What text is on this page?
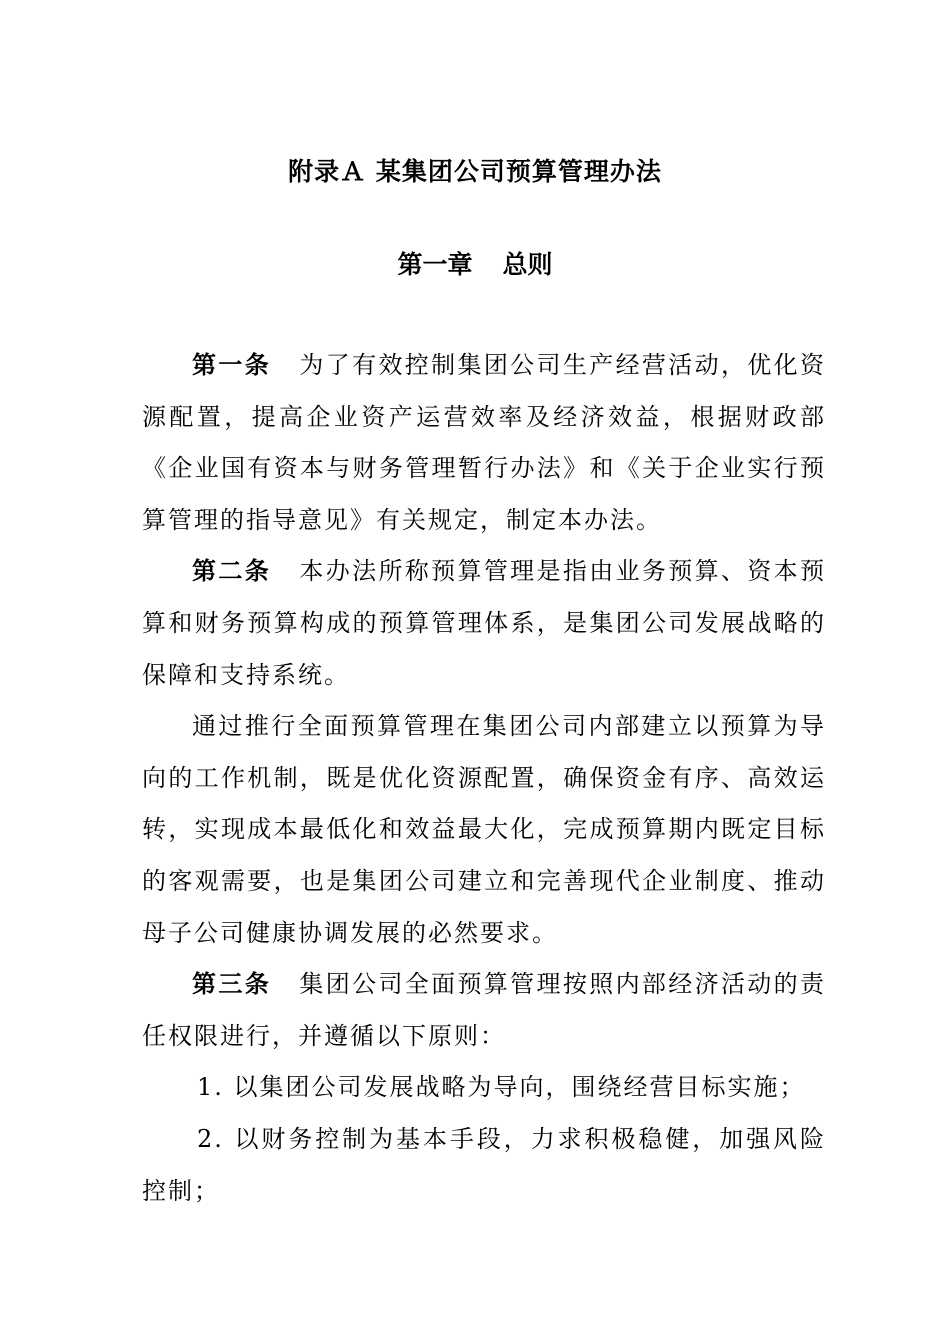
附录Ａ 某集团公司预算管理办法
第一章 总则

第一条 为了有效控制集团公司生产经营活动，优化资源配置，提高企业资产运营效率及经济效益，根据财政部《企业国有资本与财务管理暂行办法》和《关于企业实行预算管理的指导意见》有关规定，制定本办法。

第二条 本办法所称预算管理是指由业务预算、资本预算和财务预算构成的预算管理体系，是集团公司发展战略的保障和支持系统。

通过推行全面预算管理在集团公司内部建立以预算为导向的工作机制，既是优化资源配置，确保资金有序、高效运转，实现成本最低化和效益最大化，完成预算期内既定目标的客观需要，也是集团公司建立和完善现代企业制度、推动母子公司健康协调发展的必然要求。

第三条 集团公司全面预算管理按照内部经济活动的责任权限进行，并遵循以下原则：

1. 以集团公司发展战略为导向，围绕经营目标实施；

2. 以财务控制为基本手段，力求积极稳健，加强风险控制；
